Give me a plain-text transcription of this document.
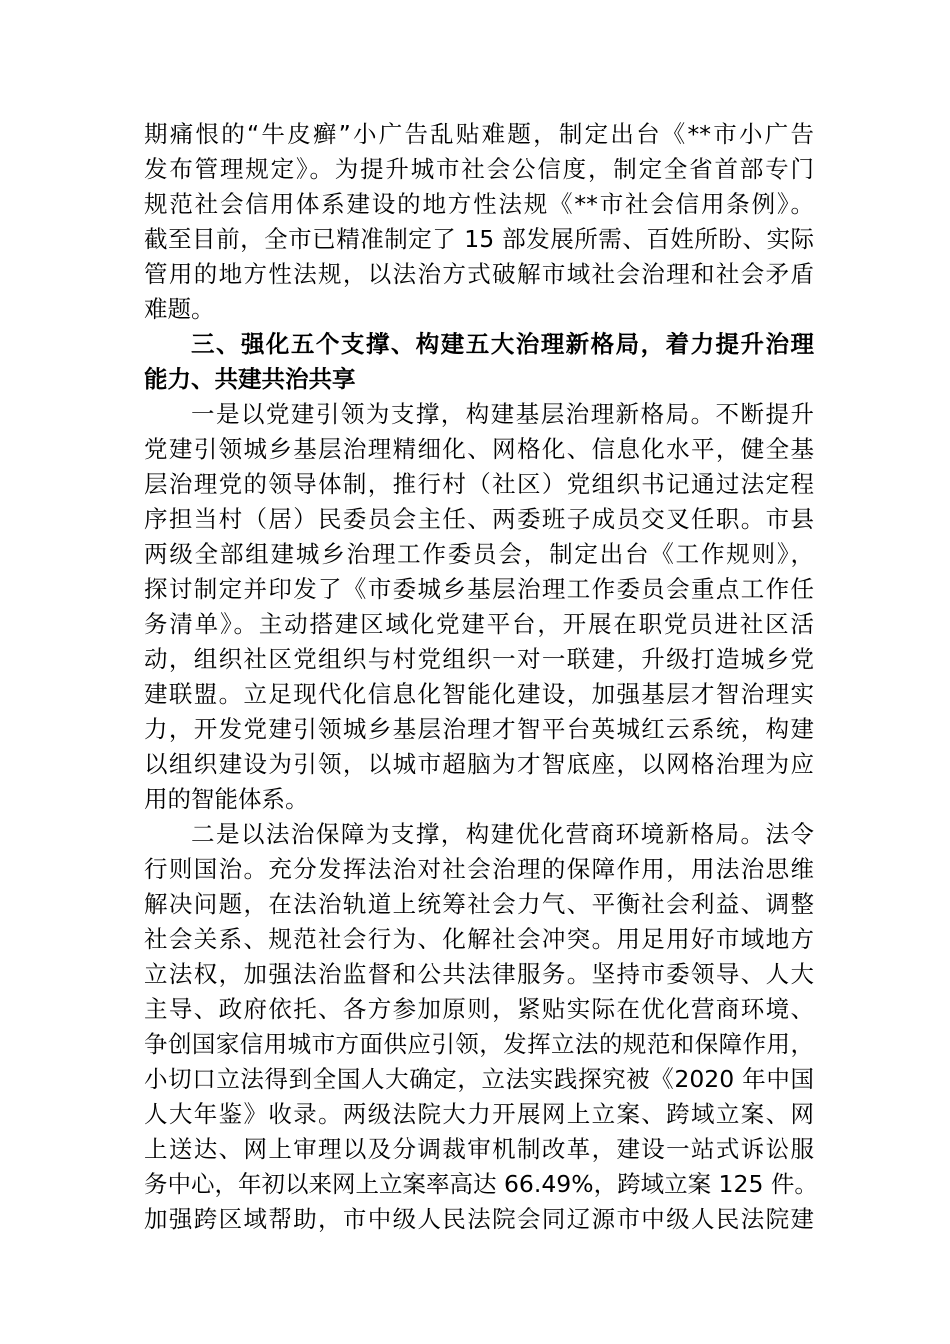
期痛恨的“牛皮癣”小广告乱贴难题，制定出台《**市小广告
发布管理规定》。为提升城市社会公信度，制定全省首部专门
规范社会信用体系建设的地方性法规《**市社会信用条例》。
截至目前，全市已精准制定了 15 部发展所需、百姓所盼、实际
管用的地方性法规，以法治方式破解市域社会治理和社会矛盾
难题。
三、强化五个支撑、构建五大治理新格局，着力提升治理
能力、共建共治共享
一是以党建引领为支撑，构建基层治理新格局。不断提升
党建引领城乡基层治理精细化、网格化、信息化水平，健全基
层治理党的领导体制，推行村（社区）党组织书记通过法定程
序担当村（居）民委员会主任、两委班子成员交叉任职。市县
两级全部组建城乡治理工作委员会，制定出台《工作规则》，
探讨制定并印发了《市委城乡基层治理工作委员会重点工作任
务清单》。主动搭建区域化党建平台，开展在职党员进社区活
动，组织社区党组织与村党组织一对一联建，升级打造城乡党
建联盟。立足现代化信息化智能化建设，加强基层才智治理实
力，开发党建引领城乡基层治理才智平台英城红云系统，构建
以组织建设为引领，以城市超脑为才智底座，以网格治理为应
用的智能体系。
二是以法治保障为支撑，构建优化营商环境新格局。法令
行则国治。充分发挥法治对社会治理的保障作用，用法治思维
解决问题，在法治轨道上统筹社会力气、平衡社会利益、调整
社会关系、规范社会行为、化解社会冲突。用足用好市域地方
立法权，加强法治监督和公共法律服务。坚持市委领导、人大
主导、政府依托、各方参加原则，紧贴实际在优化营商环境、
争创国家信用城市方面供应引领，发挥立法的规范和保障作用，
小切口立法得到全国人大确定，立法实践探究被《2020 年中国
人大年鉴》收录。两级法院大力开展网上立案、跨域立案、网
上送达、网上审理以及分调裁审机制改革，建设一站式诉讼服
务中心，年初以来网上立案率高达 66.49%，跨域立案 125 件。
加强跨区域帮助，市中级人民法院会同辽源市中级人民法院建
